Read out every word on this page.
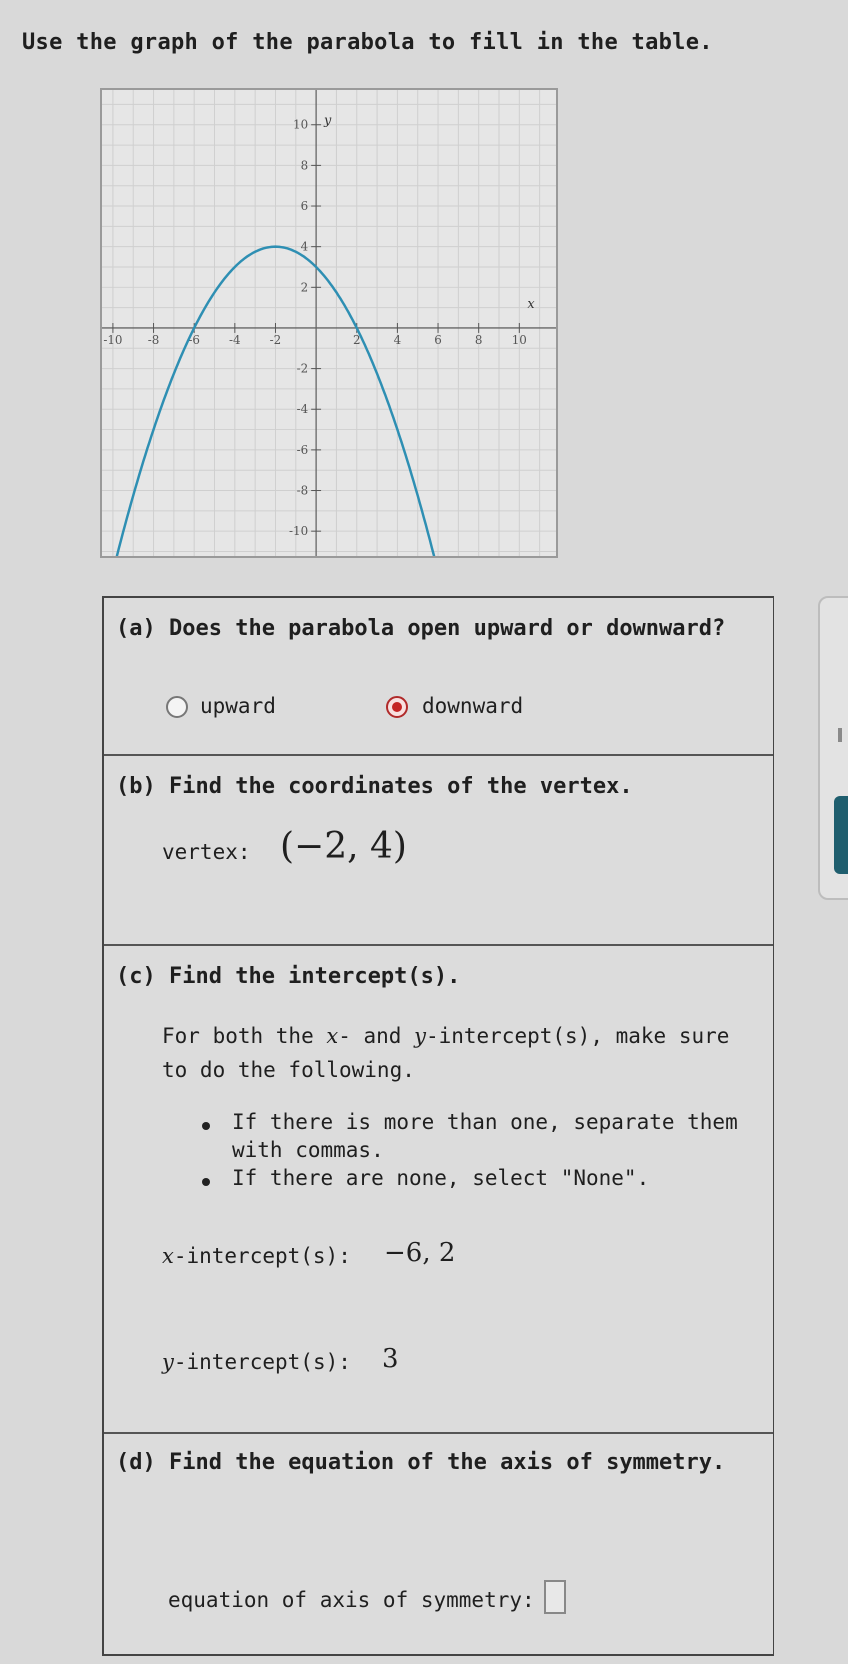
Use the graph of the parabola to fill in the table.
-10 -8 -6 -4 -2	2	4	6	8 10
10
8
6
4
2
-2
-4
-6
-8
-10
x
y
(a) Does the parabola open upward or downward?
upward	downward
(b) Find the coordinates of the vertex.
vertex: (−2, 4)
(c) Find the intercept(s).
For both the x- and y-intercept(s), make sure
to do the following.
If there is more than one, separate them
with commas.
If there are none, select "None".
x-intercept(s): −6, 2
y-intercept(s): 3
(d) Find the equation of the axis of symmetry.
equation of axis of symmetry:
